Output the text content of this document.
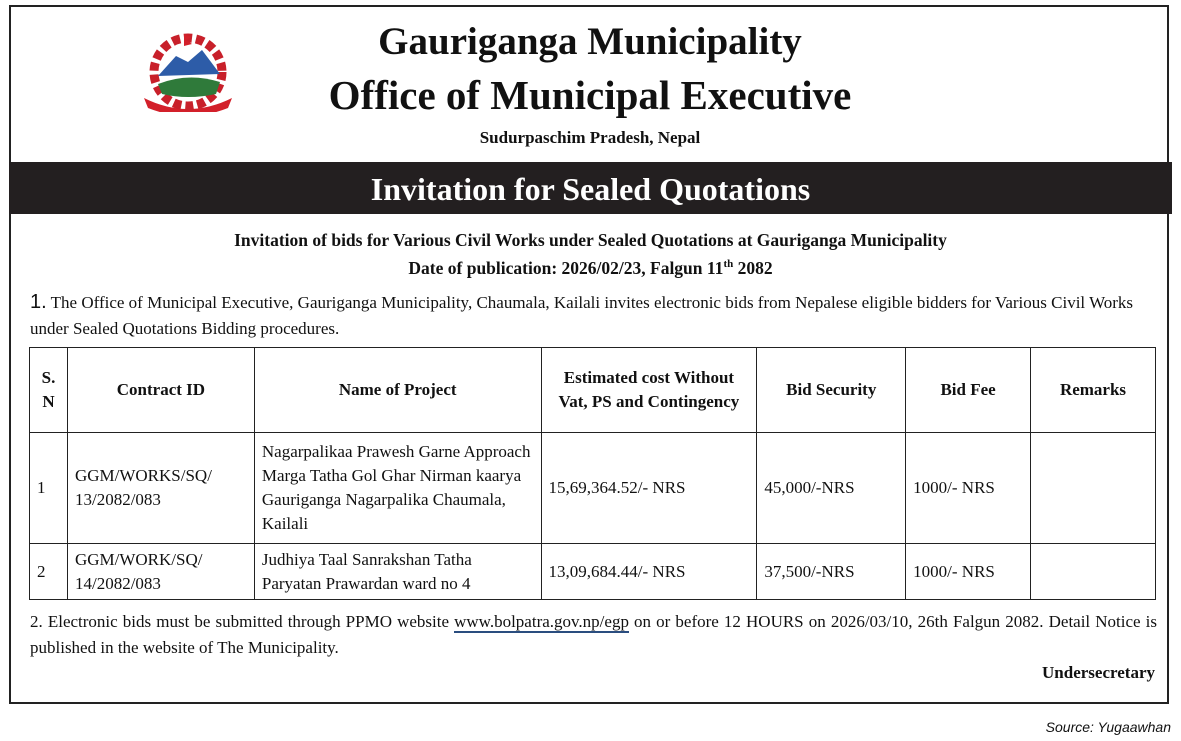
Gauriganga Municipality
Office of Municipal Executive
Sudurpaschim Pradesh, Nepal
Invitation for Sealed Quotations
Invitation of bids for Various Civil Works under Sealed Quotations at Gauriganga Municipality
Date of publication: 2026/02/23, Falgun 11th 2082
1. The Office of Municipal Executive, Gauriganga Municipality, Chaumala, Kailali invites electronic bids from Nepalese eligible bidders for Various Civil Works under Sealed Quotations Bidding procedures.
S. N	Contract ID	Name of Project	Estimated cost Without Vat, PS and Contingency	Bid Security	Bid Fee	Remarks
1	GGM/WORKS/SQ/ 13/2082/083	Nagarpalikaa Prawesh Garne Approach Marga Tatha Gol Ghar Nirman kaarya Gauriganga Nagarpalika Chaumala, Kailali	15,69,364.52/- NRS	45,000/-NRS	1000/- NRS	
2	GGM/WORK/SQ/ 14/2082/083	Judhiya Taal Sanrakshan Tatha Paryatan Prawardan ward no 4	13,09,684.44/- NRS	37,500/-NRS	1000/- NRS	
2. Electronic bids must be submitted through PPMO website www.bolpatra.gov.np/egp on or before 12 HOURS on 2026/03/10, 26th Falgun 2082. Detail Notice is published in the website of The Municipality.
Undersecretary
Source: Yugaawhan
